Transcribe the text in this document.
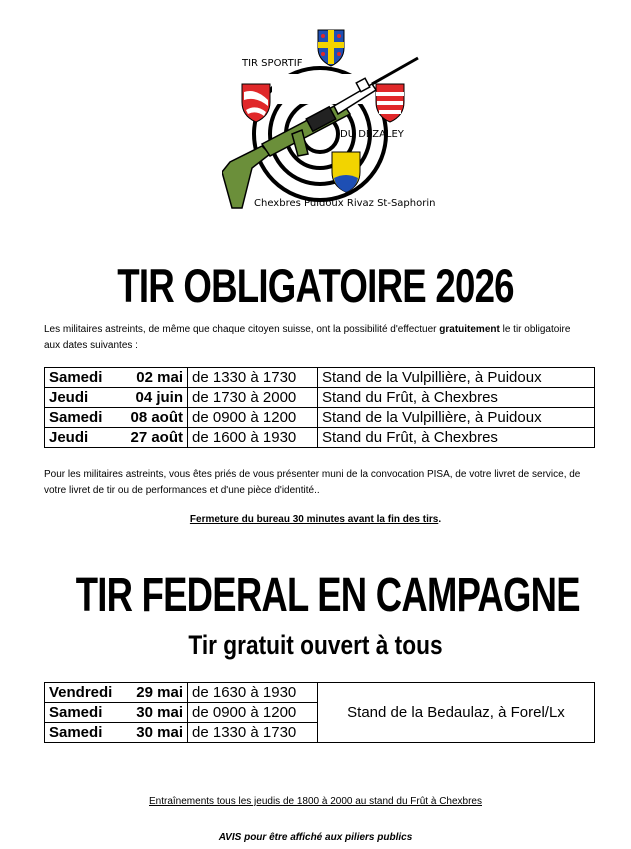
TIR SPORTIF
DU DEZALEY
Chexbres Puidoux Rivaz St-Saphorin
TIR OBLIGATOIRE 2026
Les militaires astreints, de même que chaque citoyen suisse, ont la possibilité d'effectuer gratuitement le tir obligatoire aux dates suivantes :
Samedi 02 mai	de 1330 à 1730	Stand de la Vulpillière, à Puidoux

Jeudi 04 juin	de 1730 à 2000	Stand du Frût, à Chexbres

Samedi 08 août	de 0900 à 1200	Stand de la Vulpillière, à Puidoux

Jeudi 27 août	de 1600 à 1930	Stand du Frût, à Chexbres
Pour les militaires astreints, vous êtes priés de vous présenter muni de la convocation PISA, de votre livret de service, de votre livret de tir ou de performances et d'une pièce d'identité..
Fermeture du bureau 30 minutes avant la fin des tirs.
TIR FEDERAL EN CAMPAGNE
Tir gratuit ouvert à tous
Vendredi 29 mai	de 1630 à 1930	Stand de la Bedaulaz, à Forel/Lx

Samedi 30 mai	de 0900 à 1200	

Samedi 30 mai	de 1330 à 1730	
Entraînements tous les jeudis de 1800 à 2000 au stand du Frût à Chexbres
AVIS pour être affiché aux piliers publics
